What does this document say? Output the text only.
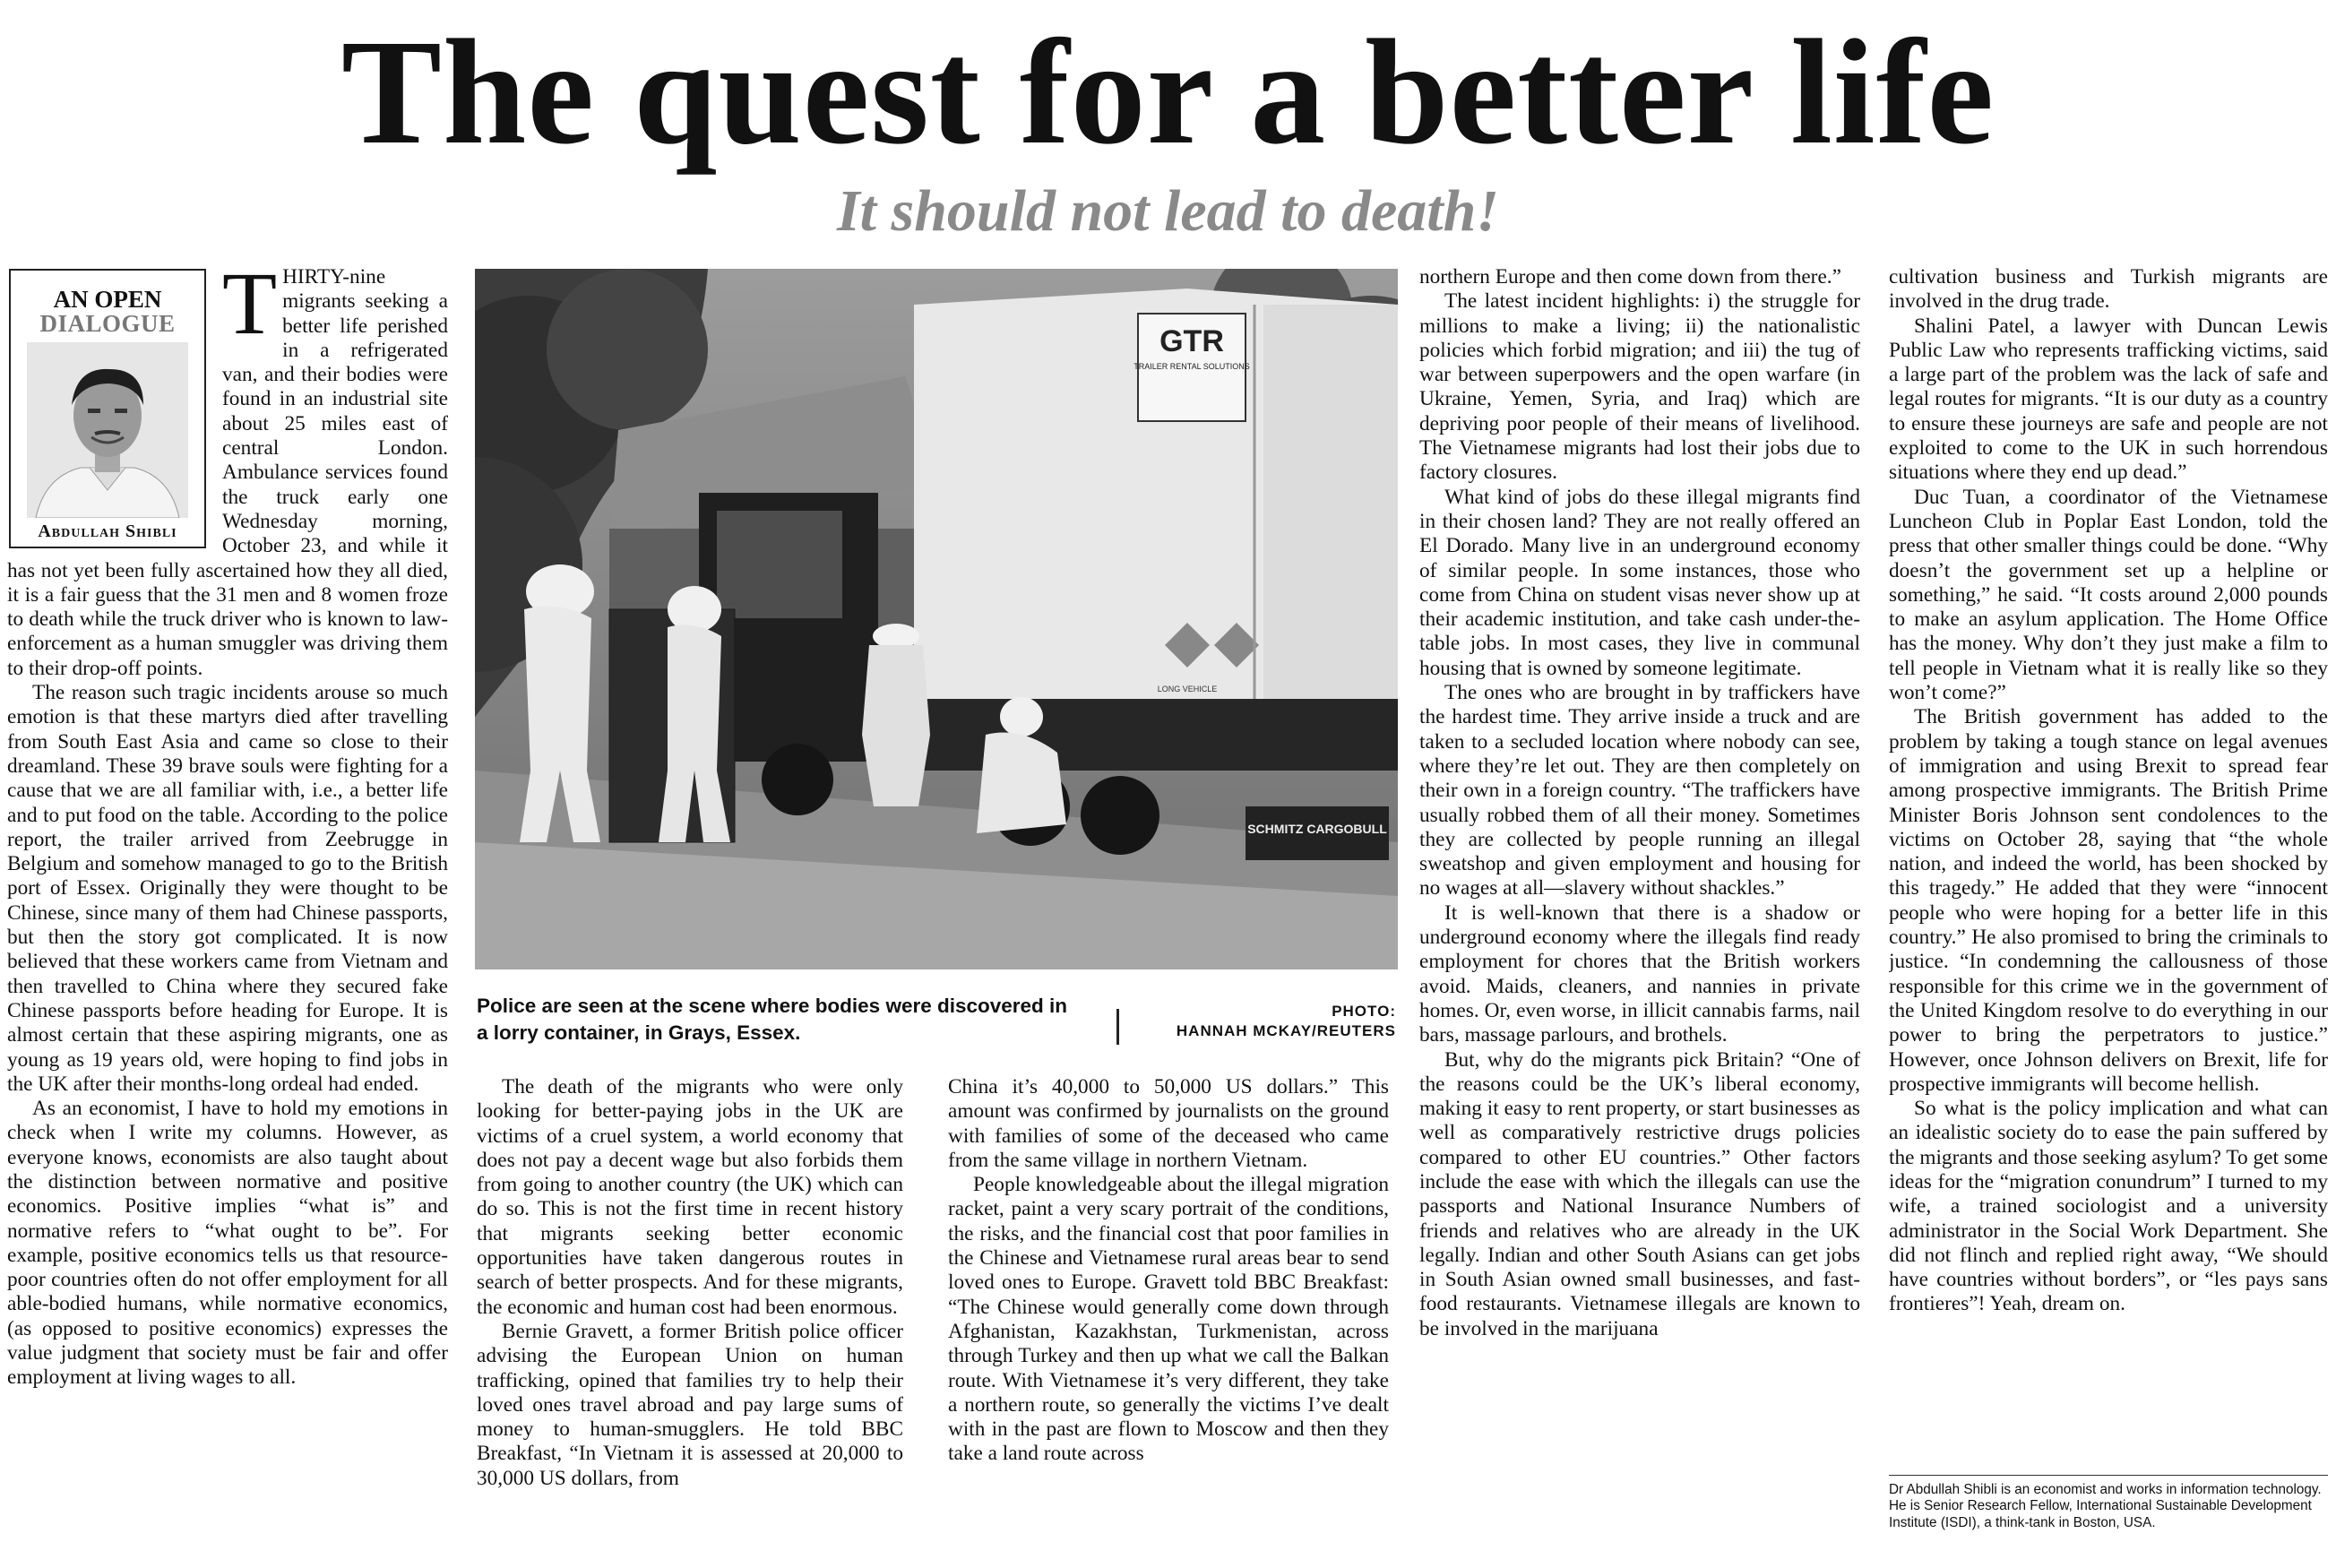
The quest for a better life
It should not lead to death!
AN OPEN
DIALOGUE
Abdullah Shibli

THIRTY-nine migrants seeking a better life perished in a refrigerated van, and their bodies were found in an industrial site about 25 miles east of central London. Ambulance services found the truck early one Wednesday morning, October 23, and while it has not yet been fully ascertained how they all died, it is a fair guess that the 31 men and 8 women froze to death while the truck driver who is known to law-enforcement as a human smuggler was driving them to their drop-off points.

The reason such tragic incidents arouse so much emotion is that these martyrs died after travelling from South East Asia and came so close to their dreamland. These 39 brave souls were fighting for a cause that we are all familiar with, i.e., a better life and to put food on the table. According to the police report, the trailer arrived from Zeebrugge in Belgium and somehow managed to go to the British port of Essex. Originally they were thought to be Chinese, since many of them had Chinese passports, but then the story got complicated. It is now believed that these workers came from Vietnam and then travelled to China where they secured fake Chinese passports before heading for Europe. It is almost certain that these aspiring migrants, one as young as 19 years old, were hoping to find jobs in the UK after their months-long ordeal had ended.

As an economist, I have to hold my emotions in check when I write my columns. However, as everyone knows, economists are also taught about the distinction between normative and positive economics. Positive implies “what is” and normative refers to “what ought to be”. For example, positive economics tells us that resource-poor countries often do not offer employment for all able-bodied humans, while normative economics, (as opposed to positive economics) expresses the value judgment that society must be fair and offer employment at living wages to all.

GTR
TRAILER RENTAL SOLUTIONS
LONG VEHICLE
SCHMITZ CARGOBULL
Police are seen at the scene where bodies were discovered in a lorry container, in Grays, Essex.
PHOTO:
HANNAH MCKAY/REUTERS

The death of the migrants who were only looking for better-paying jobs in the UK are victims of a cruel system, a world economy that does not pay a decent wage but also forbids them from going to another country (the UK) which can do so. This is not the first time in recent history that migrants seeking better economic opportunities have taken dangerous routes in search of better prospects. And for these migrants, the economic and human cost had been enormous.

Bernie Gravett, a former British police officer advising the European Union on human trafficking, opined that families try to help their loved ones travel abroad and pay large sums of money to human-smugglers. He told BBC Breakfast, “In Vietnam it is assessed at 20,000 to 30,000 US dollars, from

China it’s 40,000 to 50,000 US dollars.” This amount was confirmed by journalists on the ground with families of some of the deceased who came from the same village in northern Vietnam.

People knowledgeable about the illegal migration racket, paint a very scary portrait of the conditions, the risks, and the financial cost that poor families in the Chinese and Vietnamese rural areas bear to send loved ones to Europe. Gravett told BBC Breakfast: “The Chinese would generally come down through Afghanistan, Kazakhstan, Turkmenistan, across through Turkey and then up what we call the Balkan route. With Vietnamese it’s very different, they take a northern route, so generally the victims I’ve dealt with in the past are flown to Moscow and then they take a land route across

northern Europe and then come down from there.”

The latest incident highlights: i) the struggle for millions to make a living; ii) the nationalistic policies which forbid migration; and iii) the tug of war between superpowers and the open warfare (in Ukraine, Yemen, Syria, and Iraq) which are depriving poor people of their means of livelihood. The Vietnamese migrants had lost their jobs due to factory closures.

What kind of jobs do these illegal migrants find in their chosen land? They are not really offered an El Dorado. Many live in an underground economy of similar people. In some instances, those who come from China on student visas never show up at their academic institution, and take cash under-the-table jobs. In most cases, they live in communal housing that is owned by someone legitimate.

The ones who are brought in by traffickers have the hardest time. They arrive inside a truck and are taken to a secluded location where nobody can see, where they’re let out. They are then completely on their own in a foreign country. “The traffickers have usually robbed them of all their money. Sometimes they are collected by people running an illegal sweatshop and given employment and housing for no wages at all—slavery without shackles.”

It is well-known that there is a shadow or underground economy where the illegals find ready employment for chores that the British workers avoid. Maids, cleaners, and nannies in private homes. Or, even worse, in illicit cannabis farms, nail bars, massage parlours, and brothels.

But, why do the migrants pick Britain? “One of the reasons could be the UK’s liberal economy, making it easy to rent property, or start businesses as well as comparatively restrictive drugs policies compared to other EU countries.” Other factors include the ease with which the illegals can use the passports and National Insurance Numbers of friends and relatives who are already in the UK legally. Indian and other South Asians can get jobs in South Asian owned small businesses, and fast-food restaurants. Vietnamese illegals are known to be involved in the marijuana

cultivation business and Turkish migrants are involved in the drug trade.

Shalini Patel, a lawyer with Duncan Lewis Public Law who represents trafficking victims, said a large part of the problem was the lack of safe and legal routes for migrants. “It is our duty as a country to ensure these journeys are safe and people are not exploited to come to the UK in such horrendous situations where they end up dead.”

Duc Tuan, a coordinator of the Vietnamese Luncheon Club in Poplar East London, told the press that other smaller things could be done. “Why doesn’t the government set up a helpline or something,” he said. “It costs around 2,000 pounds to make an asylum application. The Home Office has the money. Why don’t they just make a film to tell people in Vietnam what it is really like so they won’t come?”

The British government has added to the problem by taking a tough stance on legal avenues of immigration and using Brexit to spread fear among prospective immigrants. The British Prime Minister Boris Johnson sent condolences to the victims on October 28, saying that “the whole nation, and indeed the world, has been shocked by this tragedy.” He added that they were “innocent people who were hoping for a better life in this country.” He also promised to bring the criminals to justice. “In condemning the callousness of those responsible for this crime we in the government of the United Kingdom resolve to do everything in our power to bring the perpetrators to justice.” However, once Johnson delivers on Brexit, life for prospective immigrants will become hellish.

So what is the policy implication and what can an idealistic society do to ease the pain suffered by the migrants and those seeking asylum? To get some ideas for the “migration conundrum” I turned to my wife, a trained sociologist and a university administrator in the Social Work Department. She did not flinch and replied right away, “We should have countries without borders”, or “les pays sans frontieres”! Yeah, dream on.

Dr Abdullah Shibli is an economist and works in information technology. He is Senior Research Fellow, International Sustainable Development Institute (ISDI), a think-tank in Boston, USA.
